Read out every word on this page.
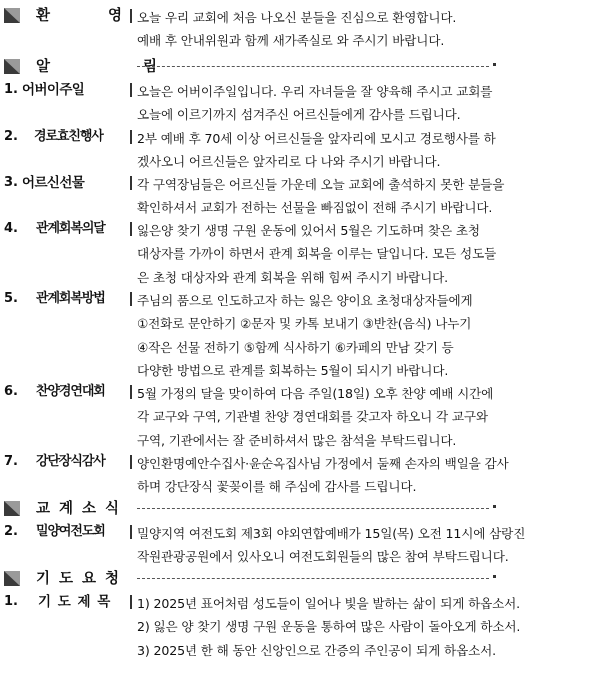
환	영 오늘 우리 교회에 처음 나오신 분들을 진심으로 환영합니다.
예배 후 안내위원과 함께 새가족실로 와 주시기 바랍니다.
알 림
1. 어버이주일	오늘은 어버이주일입니다. 우리 자녀들을 잘 양육해 주시고 교회를
오늘에 이르기까지 섬겨주신 어르신들에게 감사를 드립니다.
2. 경로효친행사	2부 예배 후 70세 이상 어르신들을 앞자리에 모시고 경로행사를 하
겠사오니 어르신들은 앞자리로 다 나와 주시기 바랍니다.
3. 어르신선물	각 구역장님들은 어르신들 가운데 오늘 교회에 출석하지 못한 분들을
확인하셔서 교회가 전하는 선물을 빠짐없이 전해 주시기 바랍니다.
4. 관계회복의달	잃은양 찾기 생명 구원 운동에 있어서 5월은 기도하며 찾은 초청
대상자를 가까이 하면서 관계 회복을 이루는 달입니다. 모든 성도들
은 초청 대상자와 관계 회복을 위해 힘써 주시기 바랍니다.
5. 관계회복방법	주님의 품으로 인도하고자 하는 잃은 양이요 초청대상자들에게
①전화로 문안하기 ②문자 및 카톡 보내기 ③반찬(음식) 나누기
④작은 선물 전하기 ⑤함께 식사하기 ⑥카페의 만남 갖기 등
다양한 방법으로 관계를 회복하는 5월이 되시기 바랍니다.
6. 찬양경연대회	5월 가정의 달을 맞이하여 다음 주일(18일) 오후 찬양 예배 시간에
각 교구와 구역, 기관별 찬양 경연대회를 갖고자 하오니 각 교구와
구역, 기관에서는 잘 준비하셔서 많은 참석을 부탁드립니다.
7. 강단장식감사	양인환명예안수집사·윤순옥집사님 가정에서 둘째 손자의 백일을 감사
하며 강단장식 꽃꽂이를 해 주심에 감사를 드립니다.
교계소식
2. 밀양여전도회	밀양지역 여전도회 제3회 야외연합예배가 15일(목) 오전 11시에 삼랑진
작원관광공원에서 있사오니 여전도회원들의 많은 참여 부탁드립니다.
기도요청
1. 기 도 제 목	1) 2025년 표어처럼 성도들이 일어나 빛을 발하는 삶이 되게 하옵소서.
2) 잃은 양 찾기 생명 구원 운동을 통하여 많은 사람이 돌아오게 하소서.
3) 2025년 한 해 동안 신앙인으로 간증의 주인공이 되게 하옵소서.
